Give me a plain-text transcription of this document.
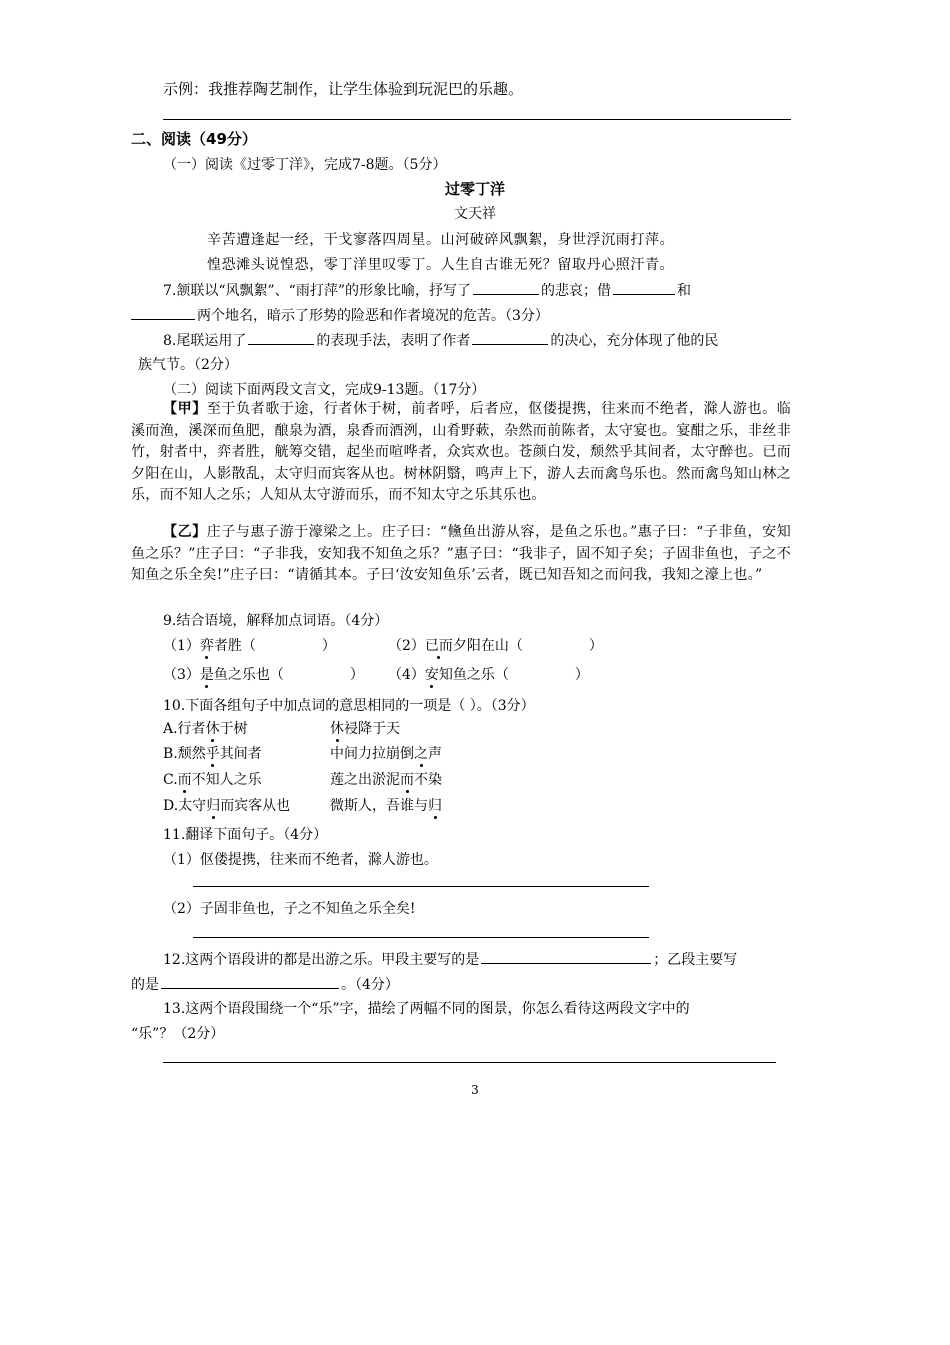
示例：我推荐陶艺制作，让学生体验到玩泥巴的乐趣。
二、阅读（49分）
（一）阅读《过零丁洋》，完成7-8题。（5分）
过零丁洋
文天祥
辛苦遭逢起一经，干戈寥落四周星。山河破碎风飘絮，身世浮沉雨打萍。
惶恐滩头说惶恐，零丁洋里叹零丁。人生自古谁无死？留取丹心照汗青。
7.颔联以“风飘絮”、“雨打萍”的形象比喻，抒写了	的悲哀；借	和
两个地名，暗示了形势的险恶和作者境况的危苦。（3分）
8.尾联运用了	的表现手法，表明了作者	的决心，充分体现了他的民
族气节。（2分）
（二）阅读下面两段文言文，完成9-13题。（17分）

【甲】至于负者歌于途，行者休于树，前者呼，后者应，伛偻提携，往来而不绝者，滁人游也。临溪而渔，溪深而鱼肥，酿泉为酒，泉香而酒洌，山肴野蔌，杂然而前陈者，太守宴也。宴酣之乐，非丝非竹，射者中，弈者胜，觥筹交错，起坐而喧哗者，众宾欢也。苍颜白发，颓然乎其间者，太守醉也。已而夕阳在山，人影散乱，太守归而宾客从也。树林阴翳，鸣声上下，游人去而禽鸟乐也。然而禽鸟知山林之乐，而不知人之乐；人知从太守游而乐，而不知太守之乐其乐也。

【乙】庄子与惠子游于濠梁之上。庄子曰：“儵鱼出游从容，是鱼之乐也。”惠子曰：“子非鱼，安知鱼之乐？”庄子曰：“子非我，安知我不知鱼之乐？”惠子曰：“我非子，固不知子矣；子固非鱼也，子之不知鱼之乐全矣!”庄子曰：“请循其本。子曰‘汝安知鱼乐’云者，既已知吾知之而问我，我知之濠上也。”

9.结合语境，解释加点词语。（4分）
（1）弈者胜（	）	（2）已而夕阳在山（	）
（3）是鱼之乐也（	） （4）安知鱼之乐（	）
10.下面各组句子中加点词的意思相同的一项是（ ）。（3分）
A.行者休于树	休祲降于天
B.颓然乎其间者	中间力拉崩倒之声
C.而不知人之乐	莲之出淤泥而不染
D.太守归而宾客从也	微斯人，吾谁与归
11.翻译下面句子。（4分）
（1）伛偻提携，往来而不绝者，滁人游也。
（2）子固非鱼也，子之不知鱼之乐全矣!
12.这两个语段讲的都是出游之乐。甲段主要写的是	；乙段主要写
的是	。（4分）
13.这两个语段围绕一个“乐”字，描绘了两幅不同的图景，你怎么看待这两段文字中的
“乐”？（2分）
3
